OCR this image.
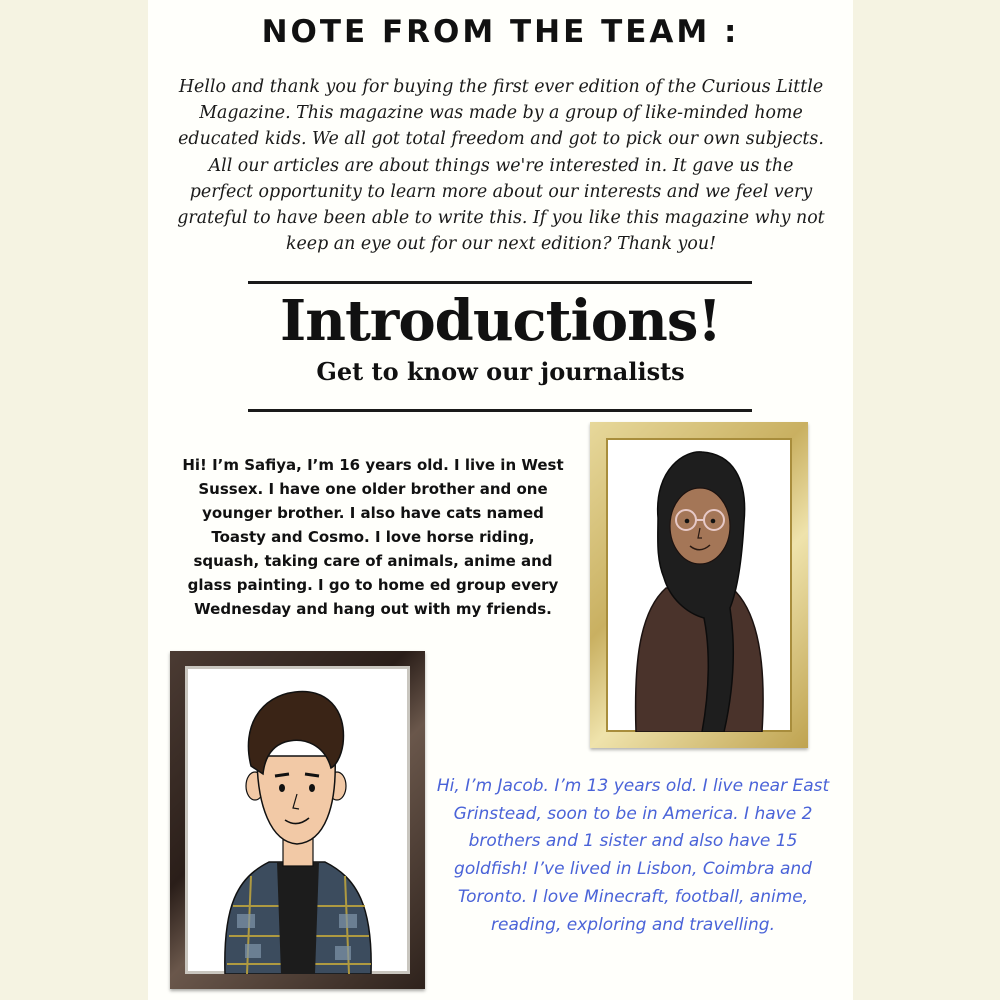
NOTE FROM THE TEAM :
Hello and thank you for buying the first ever edition of the Curious Little Magazine. This magazine was made by a group of like-minded home educated kids. We all got total freedom and got to pick our own subjects. All our articles are about things we're interested in. It gave us the perfect opportunity to learn more about our interests and we feel very grateful to have been able to write this. If you like this magazine why not keep an eye out for our next edition? Thank you!
Introductions!
Get to know our journalists
Hi! I’m Safiya, I’m 16 years old. I live in West Sussex. I have one older brother and one younger brother. I also have cats named Toasty and Cosmo. I love horse riding, squash, taking care of animals, anime and glass painting. I go to home ed group every Wednesday and hang out with my friends.
Hi, I’m Jacob. I’m 13 years old. I live near East Grinstead, soon to be in America. I have 2 brothers and 1 sister and also have 15 goldfish! I’ve lived in Lisbon, Coimbra and Toronto. I love Minecraft, football, anime, reading, exploring and travelling.
